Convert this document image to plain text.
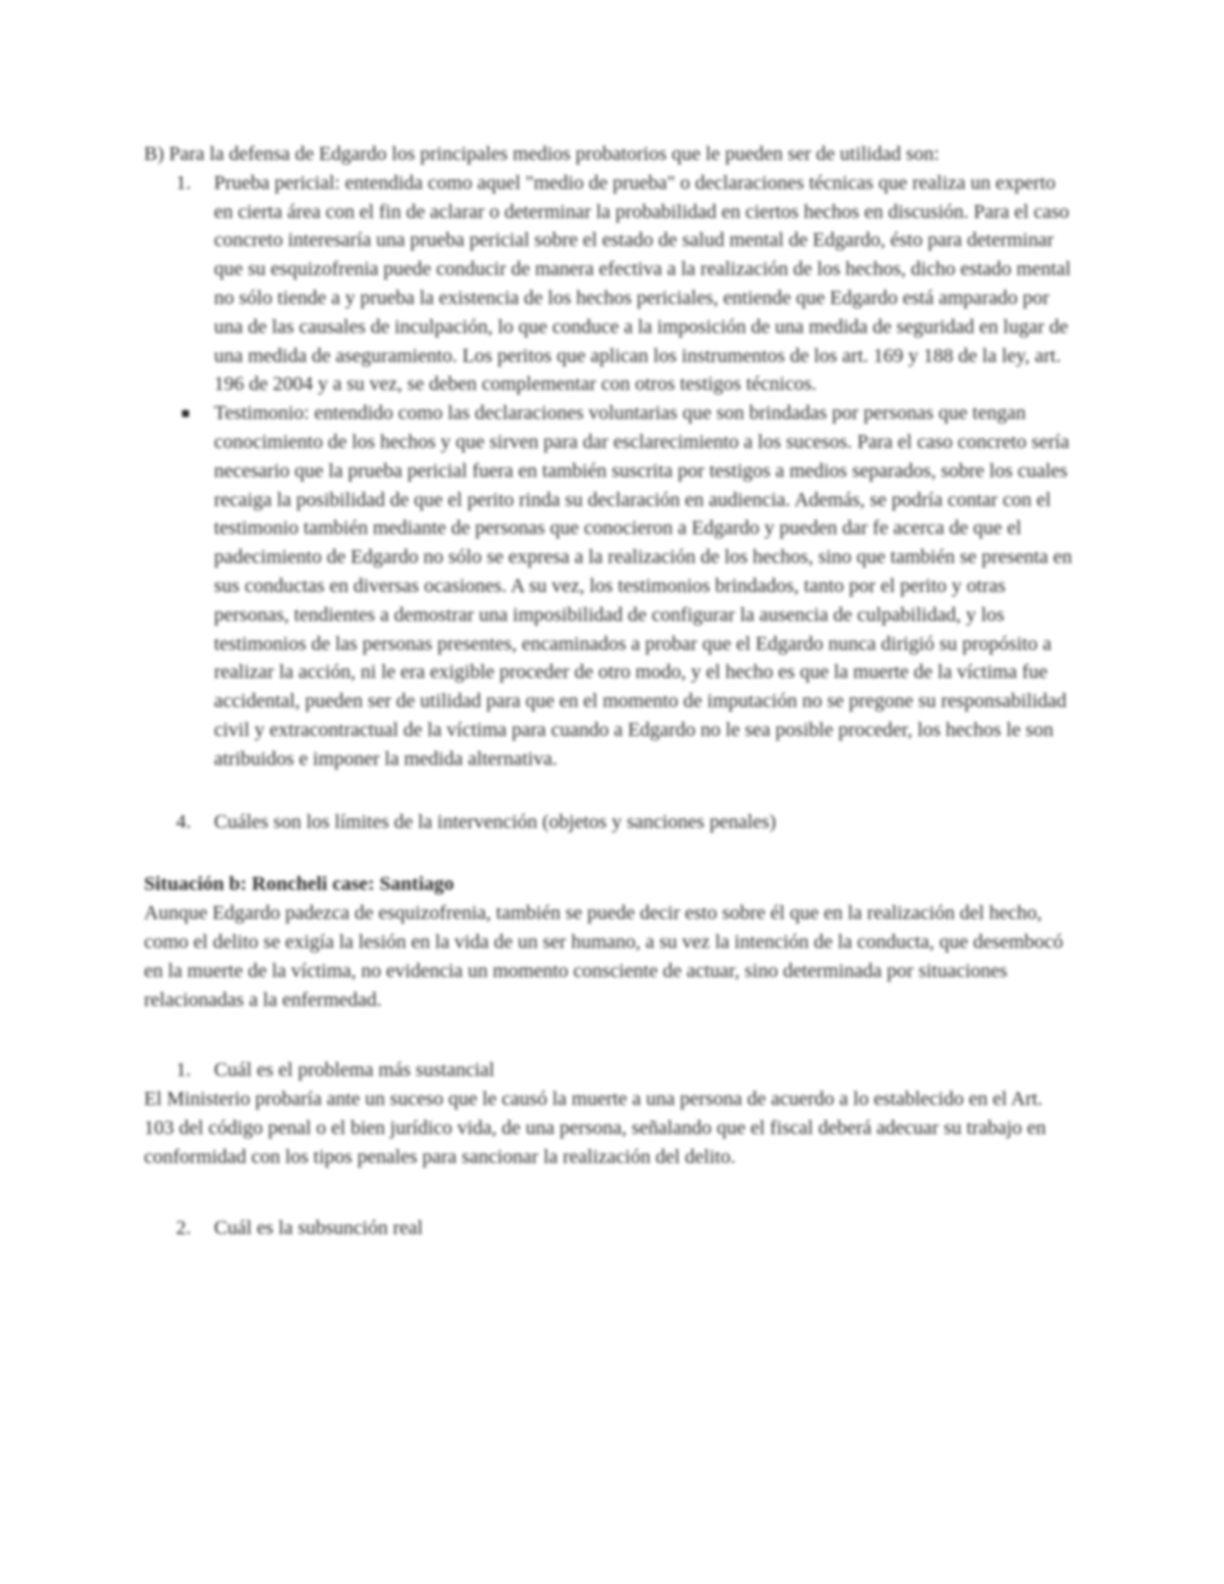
B) Para la defensa de Edgardo los principales medios probatorios que le pueden ser de utilidad son:

1.	Prueba pericial: entendida como aquel "medio de prueba" o declaraciones técnicas que realiza un experto en cierta área con el fin de aclarar o determinar la probabilidad en ciertos hechos en discusión. Para el caso concreto interesaría una prueba pericial sobre el estado de salud mental de Edgardo, ésto para determinar que su esquizofrenia puede conducir de manera efectiva a la realización de los hechos, dicho estado mental no sólo tiende a y prueba la existencia de los hechos periciales, entiende que Edgardo está amparado por una de las causales de inculpación, lo que conduce a la imposición de una medida de seguridad en lugar de una medida de aseguramiento. Los peritos que aplican los instrumentos de los art. 169 y 188 de la ley, art. 196 de 2004 y a su vez, se deben complementar con otros testigos técnicos.
Testimonio: entendido como las declaraciones voluntarias que son brindadas por personas que tengan conocimiento de los hechos y que sirven para dar esclarecimiento a los sucesos. Para el caso concreto sería necesario que la prueba pericial fuera en también suscrita por testigos a medios separados, sobre los cuales recaiga la posibilidad de que el perito rinda su declaración en audiencia. Además, se podría contar con el testimonio también mediante de personas que conocieron a Edgardo y pueden dar fe acerca de que el padecimiento de Edgardo no sólo se expresa a la realización de los hechos, sino que también se presenta en sus conductas en diversas ocasiones. A su vez, los testimonios brindados, tanto por el perito y otras personas, tendientes a demostrar una imposibilidad de configurar la ausencia de culpabilidad, y los testimonios de las personas presentes, encaminados a probar que el Edgardo nunca dirigió su propósito a realizar la acción, ni le era exigible proceder de otro modo, y el hecho es que la muerte de la víctima fue accidental, pueden ser de utilidad para que en el momento de imputación no se pregone su responsabilidad civil y extracontractual de la víctima para cuando a Edgardo no le sea posible proceder, los hechos le son atribuidos e imponer la medida alternativa.
4.	Cuáles son los límites de la intervención (objetos y sanciones penales)

Situación b: Roncheli case: Santiago

Aunque Edgardo padezca de esquizofrenia, también se puede decir esto sobre él que en la realización del hecho, como el delito se exigía la lesión en la vida de un ser humano, a su vez la intención de la conducta, que desembocó en la muerte de la víctima, no evidencia un momento consciente de actuar, sino determinada por situaciones relacionadas a la enfermedad.

1.	Cuál es el problema más sustancial

El Ministerio probaría ante un suceso que le causó la muerte a una persona de acuerdo a lo establecido en el Art. 103 del código penal o el bien jurídico vida, de una persona, señalando que el fiscal deberá adecuar su trabajo en conformidad con los tipos penales para sancionar la realización del delito.

2.	Cuál es la subsunción real
